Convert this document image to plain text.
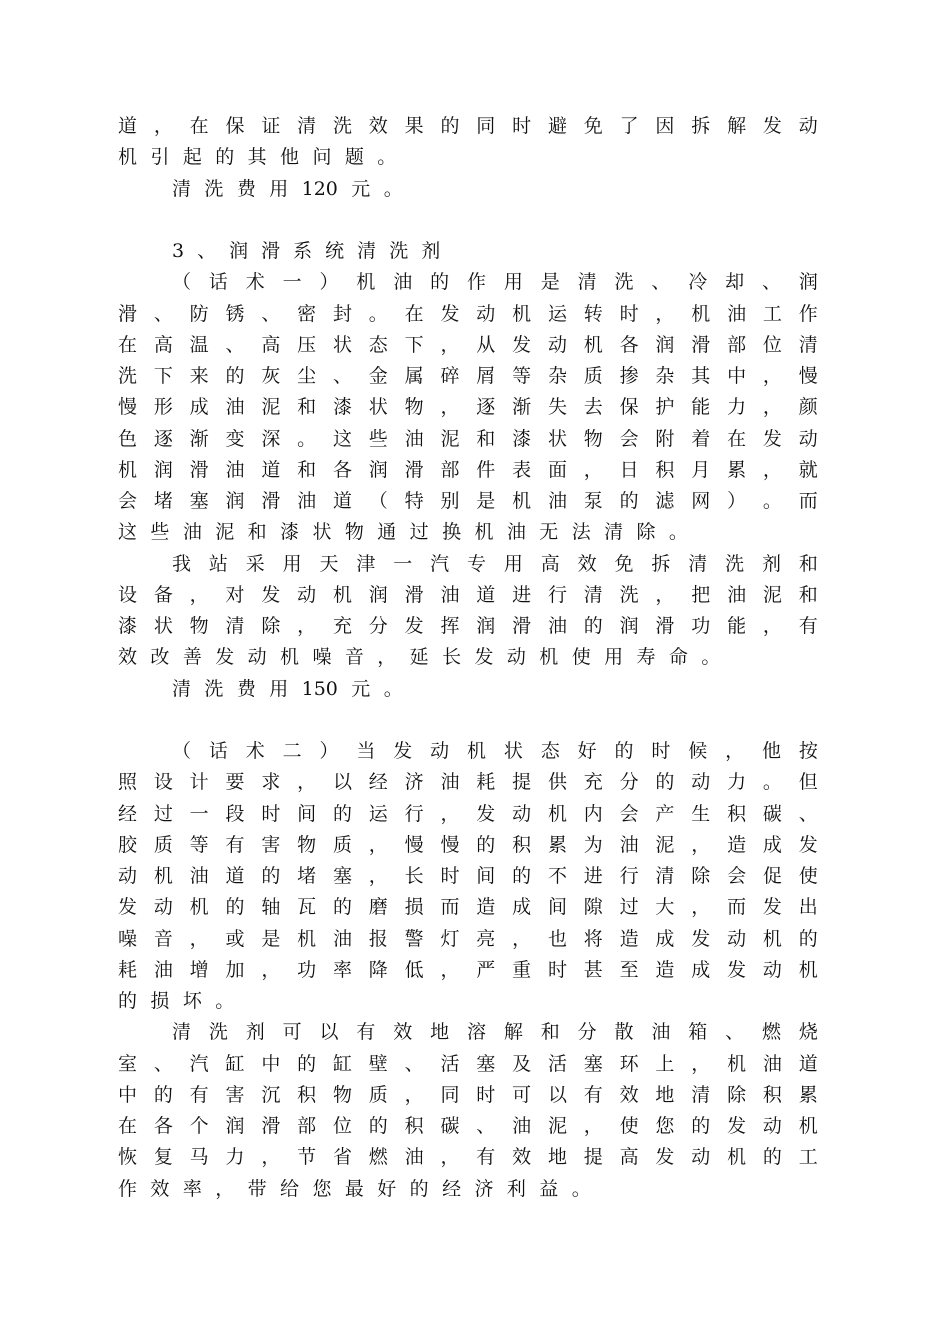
道 ， 在 保 证 清 洗 效 果 的 同 时 避 免 了 因 拆 解 发 动
机 引 起 的 其 他 问 题 。
清 洗 费 用 120 元 。
3 、 润 滑 系 统 清 洗 剂
（ 话 术 一 ） 机 油 的 作 用 是 清 洗 、 冷 却 、 润
滑 、 防 锈 、 密 封 。 在 发 动 机 运 转 时 ， 机 油 工 作
在 高 温 、 高 压 状 态 下 ， 从 发 动 机 各 润 滑 部 位 清
洗 下 来 的 灰 尘 、 金 属 碎 屑 等 杂 质 掺 杂 其 中 ， 慢
慢 形 成 油 泥 和 漆 状 物 ， 逐 渐 失 去 保 护 能 力 ， 颜
色 逐 渐 变 深 。 这 些 油 泥 和 漆 状 物 会 附 着 在 发 动
机 润 滑 油 道 和 各 润 滑 部 件 表 面 ， 日 积 月 累 ， 就
会 堵 塞 润 滑 油 道 （ 特 别 是 机 油 泵 的 滤 网 ） 。 而
这 些 油 泥 和 漆 状 物 通 过 换 机 油 无 法 清 除 。
我 站 采 用 天 津 一 汽 专 用 高 效 免 拆 清 洗 剂 和
设 备 ， 对 发 动 机 润 滑 油 道 进 行 清 洗 ， 把 油 泥 和
漆 状 物 清 除 ， 充 分 发 挥 润 滑 油 的 润 滑 功 能 ， 有
效 改 善 发 动 机 噪 音 ， 延 长 发 动 机 使 用 寿 命 。
清 洗 费 用 150 元 。
（ 话 术 二 ） 当 发 动 机 状 态 好 的 时 候 ， 他 按
照 设 计 要 求 ， 以 经 济 油 耗 提 供 充 分 的 动 力 。 但
经 过 一 段 时 间 的 运 行 ， 发 动 机 内 会 产 生 积 碳 、
胶 质 等 有 害 物 质 ， 慢 慢 的 积 累 为 油 泥 ， 造 成 发
动 机 油 道 的 堵 塞 ， 长 时 间 的 不 进 行 清 除 会 促 使
发 动 机 的 轴 瓦 的 磨 损 而 造 成 间 隙 过 大 ， 而 发 出
噪 音 ， 或 是 机 油 报 警 灯 亮 ， 也 将 造 成 发 动 机 的
耗 油 增 加 ， 功 率 降 低 ， 严 重 时 甚 至 造 成 发 动 机
的 损 坏 。
清 洗 剂 可 以 有 效 地 溶 解 和 分 散 油 箱 、 燃 烧
室 、 汽 缸 中 的 缸 壁 、 活 塞 及 活 塞 环 上 ， 机 油 道
中 的 有 害 沉 积 物 质 ， 同 时 可 以 有 效 地 清 除 积 累
在 各 个 润 滑 部 位 的 积 碳 、 油 泥 ， 使 您 的 发 动 机
恢 复 马 力 ， 节 省 燃 油 ， 有 效 地 提 高 发 动 机 的 工
作 效 率 ， 带 给 您 最 好 的 经 济 利 益 。
